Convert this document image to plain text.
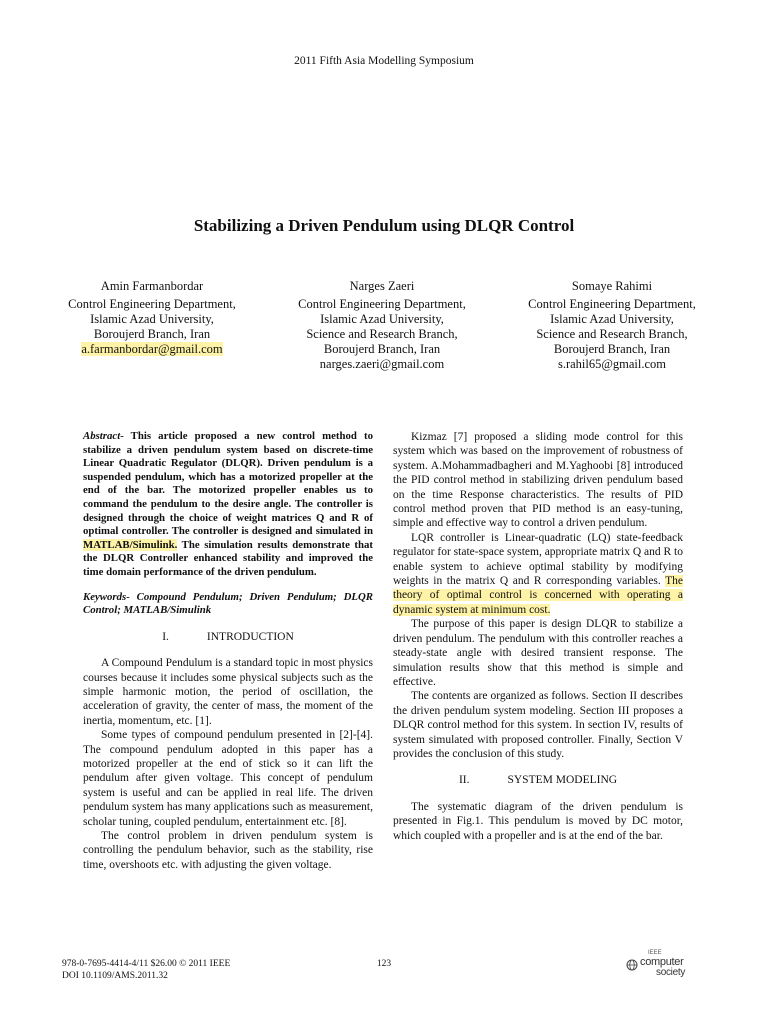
2011 Fifth Asia Modelling Symposium
Stabilizing a Driven Pendulum using DLQR Control
Amin Farmanbordar
Control Engineering Department,
Islamic Azad University,
Boroujerd Branch, Iran
a.farmanbordar@gmail.com
Narges Zaeri
Control Engineering Department,
Islamic Azad University,
Science and Research Branch,
Boroujerd Branch, Iran
narges.zaeri@gmail.com
Somaye Rahimi
Control Engineering Department,
Islamic Azad University,
Science and Research Branch,
Boroujerd Branch, Iran
s.rahil65@gmail.com

Abstract- This article proposed a new control method to stabilize a driven pendulum system based on discrete-time Linear Quadratic Regulator (DLQR). Driven pendulum is a suspended pendulum, which has a motorized propeller at the end of the bar. The motorized propeller enables us to command the pendulum to the desire angle. The controller is designed through the choice of weight matrices Q and R of optimal controller. The controller is designed and simulated in MATLAB/Simulink. The simulation results demonstrate that the DLQR Controller enhanced stability and improved the time domain performance of the driven pendulum.

Keywords- Compound Pendulum; Driven Pendulum; DLQR Control; MATLAB/Simulink

I.	INTRODUCTION

A Compound Pendulum is a standard topic in most physics courses because it includes some physical subjects such as the simple harmonic motion, the period of oscillation, the acceleration of gravity, the center of mass, the moment of the inertia, momentum, etc. [1].

Some types of compound pendulum presented in [2]-[4]. The compound pendulum adopted in this paper has a motorized propeller at the end of stick so it can lift the pendulum after given voltage. This concept of pendulum system is useful and can be applied in real life. The driven pendulum system has many applications such as measurement, scholar tuning, coupled pendulum, entertainment etc. [8].

The control problem in driven pendulum system is controlling the pendulum behavior, such as the stability, rise time, overshoots etc. with adjusting the given voltage.

Kizmaz [7] proposed a sliding mode control for this system which was based on the improvement of robustness of system. A.Mohammadbagheri and M.Yaghoobi [8] introduced the PID control method in stabilizing driven pendulum based on the time Response characteristics. The results of PID control method proven that PID method is an easy-tuning, simple and effective way to control a driven pendulum.

LQR controller is Linear-quadratic (LQ) state-feedback regulator for state-space system, appropriate matrix Q and R to enable system to achieve optimal stability by modifying weights in the matrix Q and R corresponding variables. The theory of optimal control is concerned with operating a dynamic system at minimum cost.

The purpose of this paper is design DLQR to stabilize a driven pendulum. The pendulum with this controller reaches a steady-state angle with desired transient response. The simulation results show that this method is simple and effective.

The contents are organized as follows. Section II describes the driven pendulum system modeling. Section III proposes a DLQR control method for this system. In section IV, results of system simulated with proposed controller. Finally, Section V provides the conclusion of this study.

II.	SYSTEM MODELING

The systematic diagram of the driven pendulum is presented in Fig.1. This pendulum is moved by DC motor, which coupled with a propeller and is at the end of the bar.

978-0-7695-4414-4/11 $26.00 © 2011 IEEE
DOI 10.1109/AMS.2011.32
123
IEEE
computer
society
